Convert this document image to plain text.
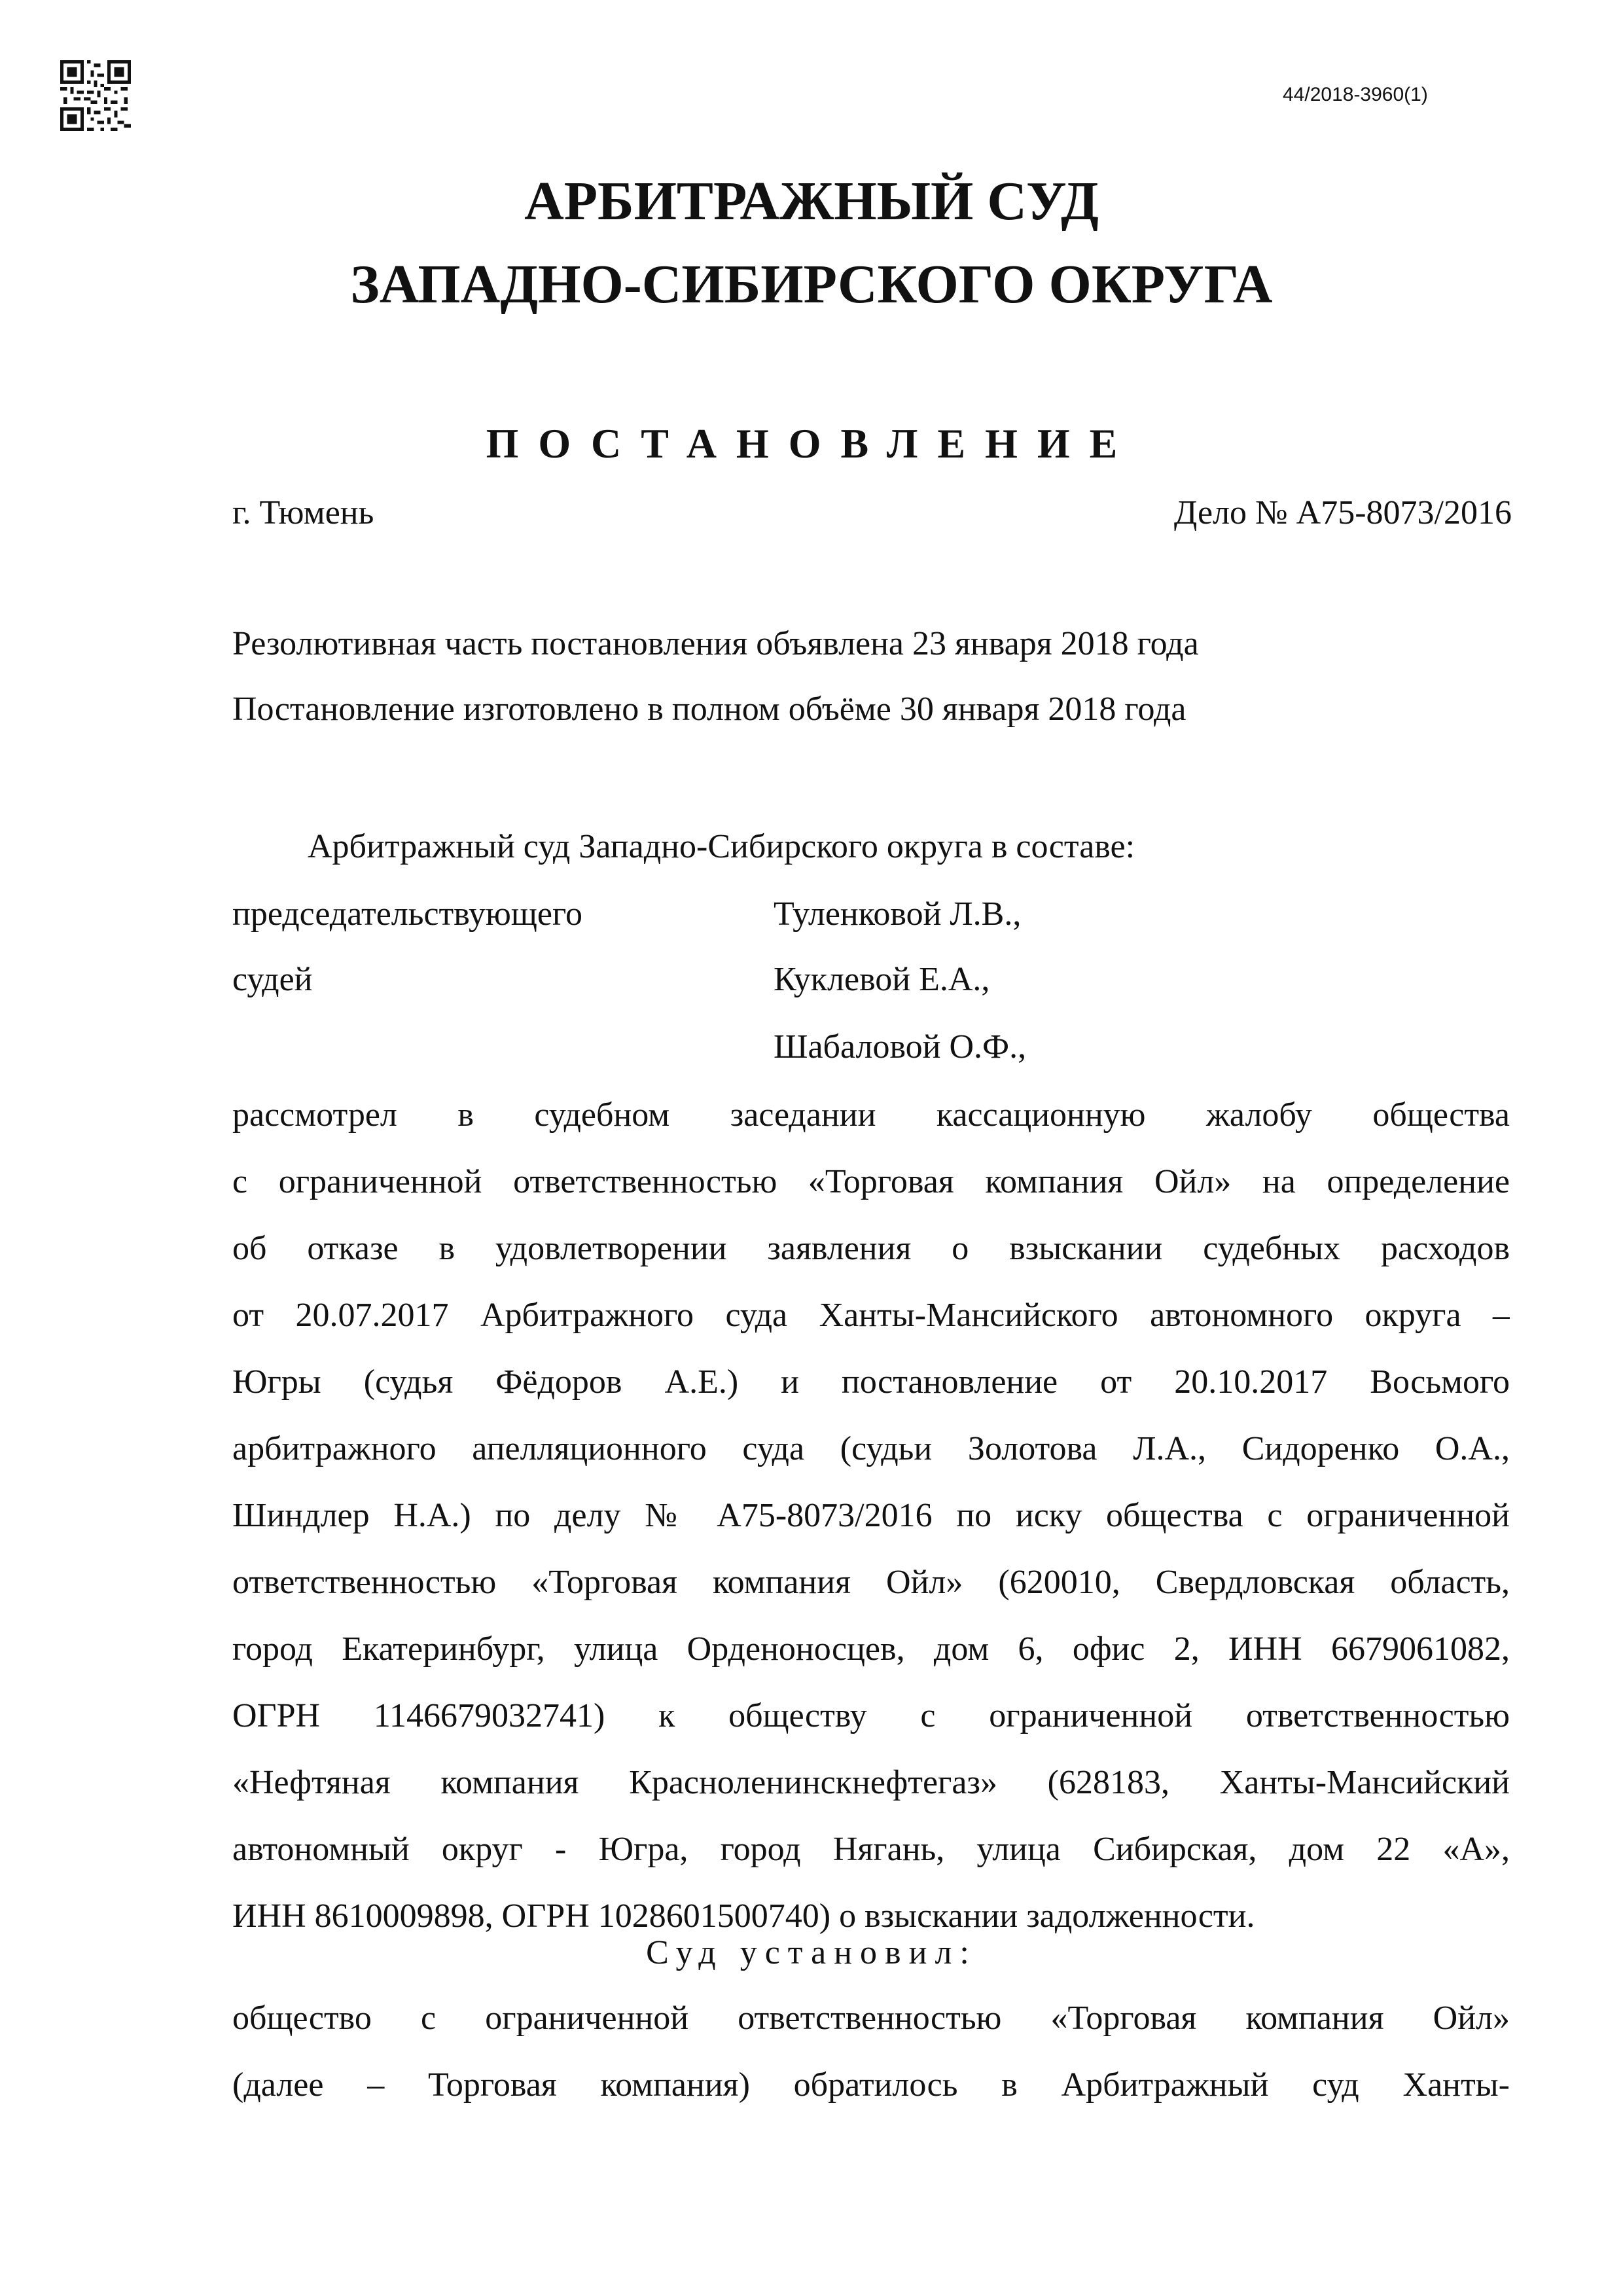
44/2018-3960(1)
АРБИТРАЖНЫЙ СУД
ЗАПАДНО-СИБИРСКОГО ОКРУГА
ПОСТАНОВЛЕНИЕ
г. Тюмень	Дело № А75-8073/2016
Резолютивная часть постановления объявлена 23 января 2018 года
Постановление изготовлено в полном объёме 30 января 2018 года
Арбитражный суд Западно-Сибирского округа в составе:
председательствующего	Туленковой Л.В.,
судей	Куклевой Е.А.,
Шабаловой О.Ф.,
рассмотрел в судебном заседании кассационную жалобу общества
с ограниченной ответственностью «Торговая компания Ойл» на определение
об отказе в удовлетворении заявления о взыскании судебных расходов
от 20.07.2017 Арбитражного суда Ханты-Мансийского автономного округа –
Югры (судья Фёдоров А.Е.) и постановление от 20.10.2017 Восьмого
арбитражного апелляционного суда (судьи Золотова Л.А., Сидоренко О.А.,
Шиндлер Н.А.) по делу № А75-8073/2016 по иску общества с ограниченной
ответственностью «Торговая компания Ойл» (620010, Свердловская область,
город Екатеринбург, улица Орденоносцев, дом 6, офис 2, ИНН 6679061082,
ОГРН 1146679032741) к обществу с ограниченной ответственностью
«Нефтяная компания Красноленинскнефтегаз» (628183, Ханты-Мансийский
автономный округ - Югра, город Нягань, улица Сибирская, дом 22 «А»,
ИНН 8610009898, ОГРН 1028601500740) о взыскании задолженности.
Суд установил:
общество с ограниченной ответственностью «Торговая компания Ойл»
(далее – Торговая компания) обратилось в Арбитражный суд Ханты-
